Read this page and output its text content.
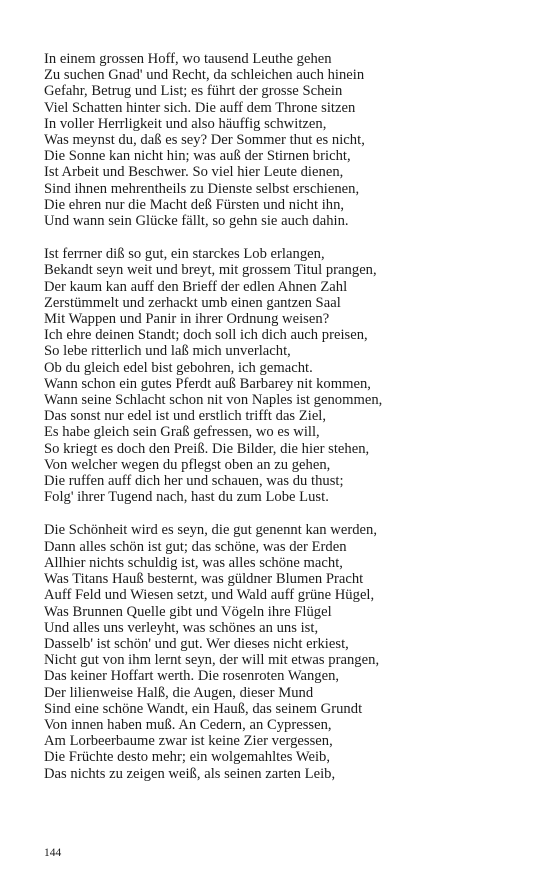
In einem grossen Hoff, wo tausend Leuthe gehen
Zu suchen Gnad' und Recht, da schleichen auch hinein
Gefahr, Betrug und List; es führt der grosse Schein
Viel Schatten hinter sich. Die auff dem Throne sitzen
In voller Herrligkeit und also häuffig schwitzen,
Was meynst du, daß es sey? Der Sommer thut es nicht,
Die Sonne kan nicht hin; was auß der Stirnen bricht,
Ist Arbeit und Beschwer. So viel hier Leute dienen,
Sind ihnen mehrentheils zu Dienste selbst erschienen,
Die ehren nur die Macht deß Fürsten und nicht ihn,
Und wann sein Glücke fällt, so gehn sie auch dahin.
Ist ferrner diß so gut, ein starckes Lob erlangen,
Bekandt seyn weit und breyt, mit grossem Titul prangen,
Der kaum kan auff den Brieff der edlen Ahnen Zahl
Zerstümmelt und zerhackt umb einen gantzen Saal
Mit Wappen und Panir in ihrer Ordnung weisen?
Ich ehre deinen Standt; doch soll ich dich auch preisen,
So lebe ritterlich und laß mich unverlacht,
Ob du gleich edel bist gebohren, ich gemacht.
Wann schon ein gutes Pferdt auß Barbarey nit kommen,
Wann seine Schlacht schon nit von Naples ist genommen,
Das sonst nur edel ist und erstlich trifft das Ziel,
Es habe gleich sein Graß gefressen, wo es will,
So kriegt es doch den Preiß. Die Bilder, die hier stehen,
Von welcher wegen du pflegst oben an zu gehen,
Die ruffen auff dich her und schauen, was du thust;
Folg' ihrer Tugend nach, hast du zum Lobe Lust.
Die Schönheit wird es seyn, die gut genennt kan werden,
Dann alles schön ist gut; das schöne, was der Erden
Allhier nichts schuldig ist, was alles schöne macht,
Was Titans Hauß besternt, was güldner Blumen Pracht
Auff Feld und Wiesen setzt, und Wald auff grüne Hügel,
Was Brunnen Quelle gibt und Vögeln ihre Flügel
Und alles uns verleyht, was schönes an uns ist,
Dasselb' ist schön' und gut. Wer dieses nicht erkiest,
Nicht gut von ihm lernt seyn, der will mit etwas prangen,
Das keiner Hoffart werth. Die rosenroten Wangen,
Der lilienweise Halß, die Augen, dieser Mund
Sind eine schöne Wandt, ein Hauß, das seinem Grundt
Von innen haben muß. An Cedern, an Cypressen,
Am Lorbeerbaume zwar ist keine Zier vergessen,
Die Früchte desto mehr; ein wolgemahltes Weib,
Das nichts zu zeigen weiß, als seinen zarten Leib,
144
